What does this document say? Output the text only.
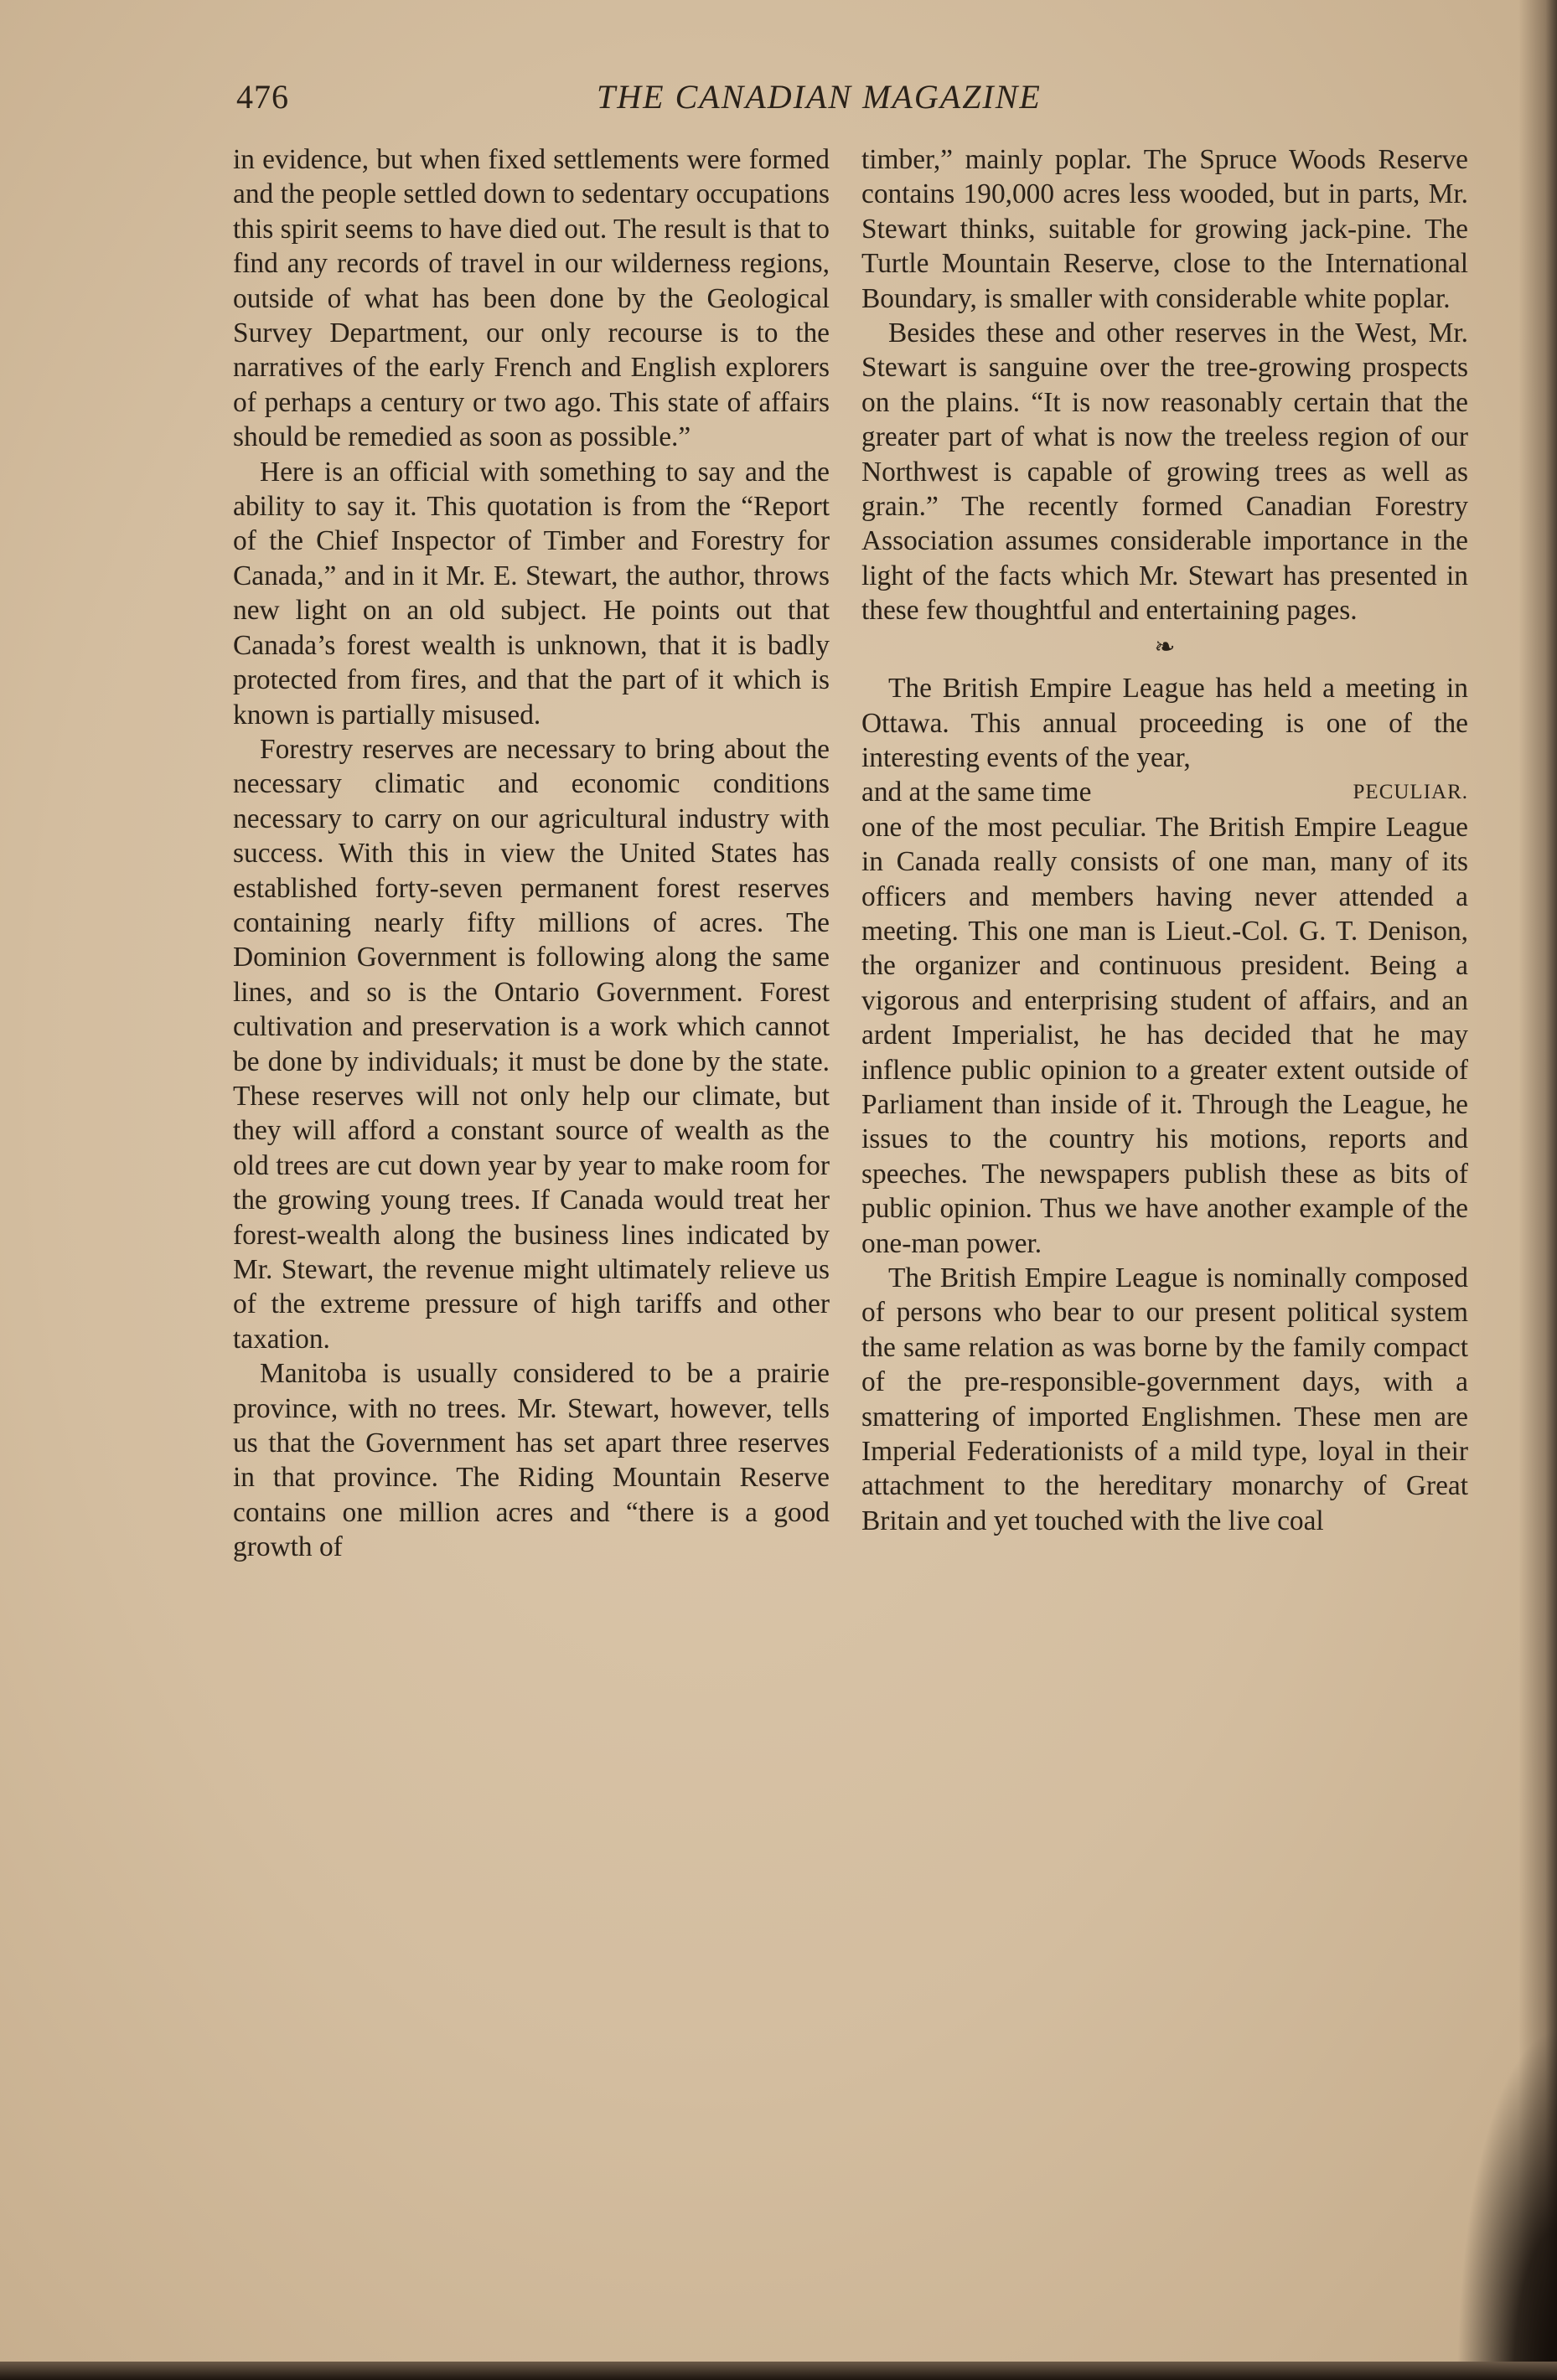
476	THE CANADIAN MAGAZINE

in evidence, but when fixed settlements were formed and the people settled down to sedentary occupations this spirit seems to have died out. The result is that to find any records of travel in our wilderness regions, outside of what has been done by the Geological Survey Department, our only recourse is to the narratives of the early French and English explorers of perhaps a century or two ago. This state of affairs should be remedied as soon as possible.”

Here is an official with something to say and the ability to say it. This quotation is from the “Report of the Chief Inspector of Timber and Forestry for Canada,” and in it Mr. E. Stewart, the author, throws new light on an old subject. He points out that Canada’s forest wealth is unknown, that it is badly protected from fires, and that the part of it which is known is partially misused.

Forestry reserves are necessary to bring about the necessary climatic and economic conditions necessary to carry on our agricultural industry with success. With this in view the United States has established forty-seven permanent forest reserves containing nearly fifty millions of acres. The Dominion Government is following along the same lines, and so is the Ontario Government. Forest cultivation and preservation is a work which cannot be done by individuals; it must be done by the state. These reserves will not only help our climate, but they will afford a constant source of wealth as the old trees are cut down year by year to make room for the growing young trees. If Canada would treat her forest-wealth along the business lines indicated by Mr. Stewart, the revenue might ultimately relieve us of the extreme pressure of high tariffs and other taxation.

Manitoba is usually considered to be a prairie province, with no trees. Mr. Stewart, however, tells us that the Government has set apart three reserves in that province. The Riding Mountain Reserve contains one million acres and “there is a good growth of

timber,” mainly poplar. The Spruce Woods Reserve contains 190,000 acres less wooded, but in parts, Mr. Stewart thinks, suitable for growing jack-pine. The Turtle Mountain Reserve, close to the International Boundary, is smaller with considerable white poplar.

Besides these and other reserves in the West, Mr. Stewart is sanguine over the tree-growing prospects on the plains. “It is now reasonably certain that the greater part of what is now the treeless region of our Northwest is capable of growing trees as well as grain.” The recently formed Canadian Forestry Association assumes considerable importance in the light of the facts which Mr. Stewart has presented in these few thoughtful and entertaining pages.

❧

The British Empire League has held a meeting in Ottawa. This annual proceeding is one of the interesting events of the year,

and at the same time	PECULIAR.

one of the most peculiar. The British Empire League in Canada really consists of one man, many of its officers and members having never attended a meeting. This one man is Lieut.-Col. G. T. Denison, the organizer and continuous president. Being a vigorous and enterprising student of affairs, and an ardent Imperialist, he has decided that he may inflence public opinion to a greater extent outside of Parliament than inside of it. Through the League, he issues to the country his motions, reports and speeches. The newspapers publish these as bits of public opinion. Thus we have another example of the one-man power.

The British Empire League is nominally composed of persons who bear to our present political system the same relation as was borne by the family compact of the pre-responsible-government days, with a smattering of imported Englishmen. These men are Imperial Federationists of a mild type, loyal in their attachment to the hereditary monarchy of Great Britain and yet touched with the live coal
